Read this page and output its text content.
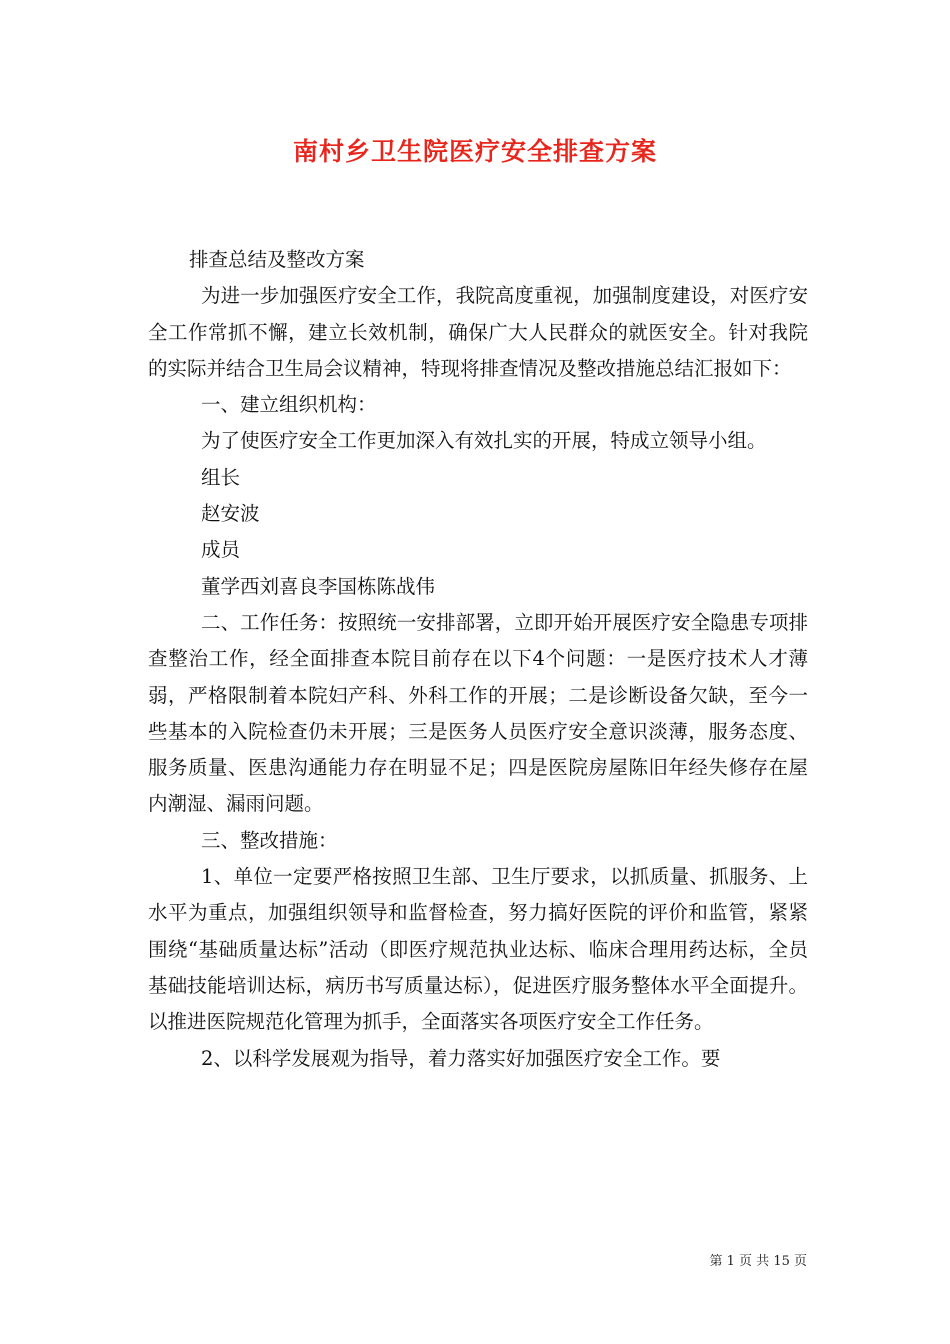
南村乡卫生院医疗安全排查方案

排查总结及整改方案

为进一步加强医疗安全工作，我院高度重视，加强制度建设，对医疗安全工作常抓不懈，建立长效机制，确保广大人民群众的就医安全。针对我院的实际并结合卫生局会议精神，特现将排查情况及整改措施总结汇报如下：

一、建立组织机构：

为了使医疗安全工作更加深入有效扎实的开展，特成立领导小组。

组长

赵安波

成员

董学西刘喜良李国栋陈战伟

二、工作任务：按照统一安排部署，立即开始开展医疗安全隐患专项排查整治工作，经全面排查本院目前存在以下4个问题：一是医疗技术人才薄弱，严格限制着本院妇产科、外科工作的开展；二是诊断设备欠缺，至今一些基本的入院检查仍未开展；三是医务人员医疗安全意识淡薄，服务态度、服务质量、医患沟通能力存在明显不足；四是医院房屋陈旧年经失修存在屋内潮湿、漏雨问题。

三、整改措施：

1、单位一定要严格按照卫生部、卫生厅要求，以抓质量、抓服务、上水平为重点，加强组织领导和监督检查，努力搞好医院的评价和监管，紧紧围绕“基础质量达标”活动（即医疗规范执业达标、临床合理用药达标，全员基础技能培训达标，病历书写质量达标），促进医疗服务整体水平全面提升。以推进医院规范化管理为抓手，全面落实各项医疗安全工作任务。

2、以科学发展观为指导，着力落实好加强医疗安全工作。要

第 1 页 共 15 页
